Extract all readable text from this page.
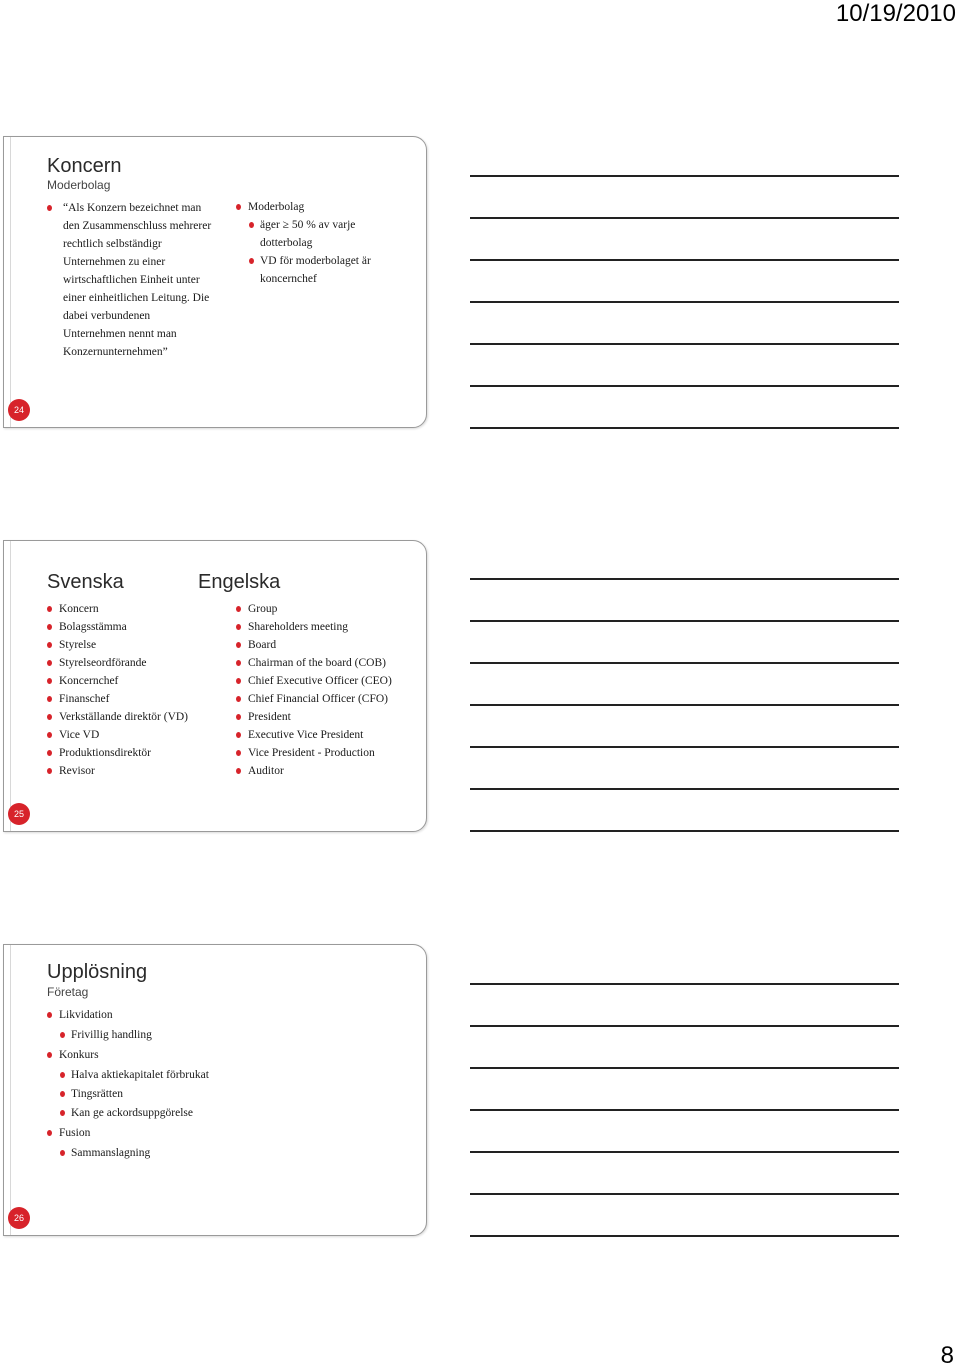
10/19/2010
Koncern
Moderbolag
“Als Konzern bezeichnet man den Zusammenschluss mehrerer rechtlich selbständigr Unternehmen zu einer wirtschaftlichen Einheit unter einer einheitlichen Leitung. Die dabei verbundenen Unternehmen nennt man Konzernunternehmen”
Moderbolag
äger ≥ 50 % av varje dotterbolag
VD för moderbolaget är koncernchef
24
Svenska	Engelska
Koncern
Bolagsstämma
Styrelse
Styrelseordförande
Koncernchef
Finanschef
Verkställande direktör (VD)
Vice VD
Produktionsdirektör
Revisor
Group
Shareholders meeting
Board
Chairman of the board (COB)
Chief Executive Officer (CEO)
Chief Financial Officer (CFO)
President
Executive Vice President
Vice President - Production
Auditor
25
Upplösning
Företag
Likvidation
Frivillig handling
Konkurs
Halva aktiekapitalet förbrukat
Tingsrätten
Kan ge ackordsuppgörelse
Fusion
Sammanslagning
26
8
